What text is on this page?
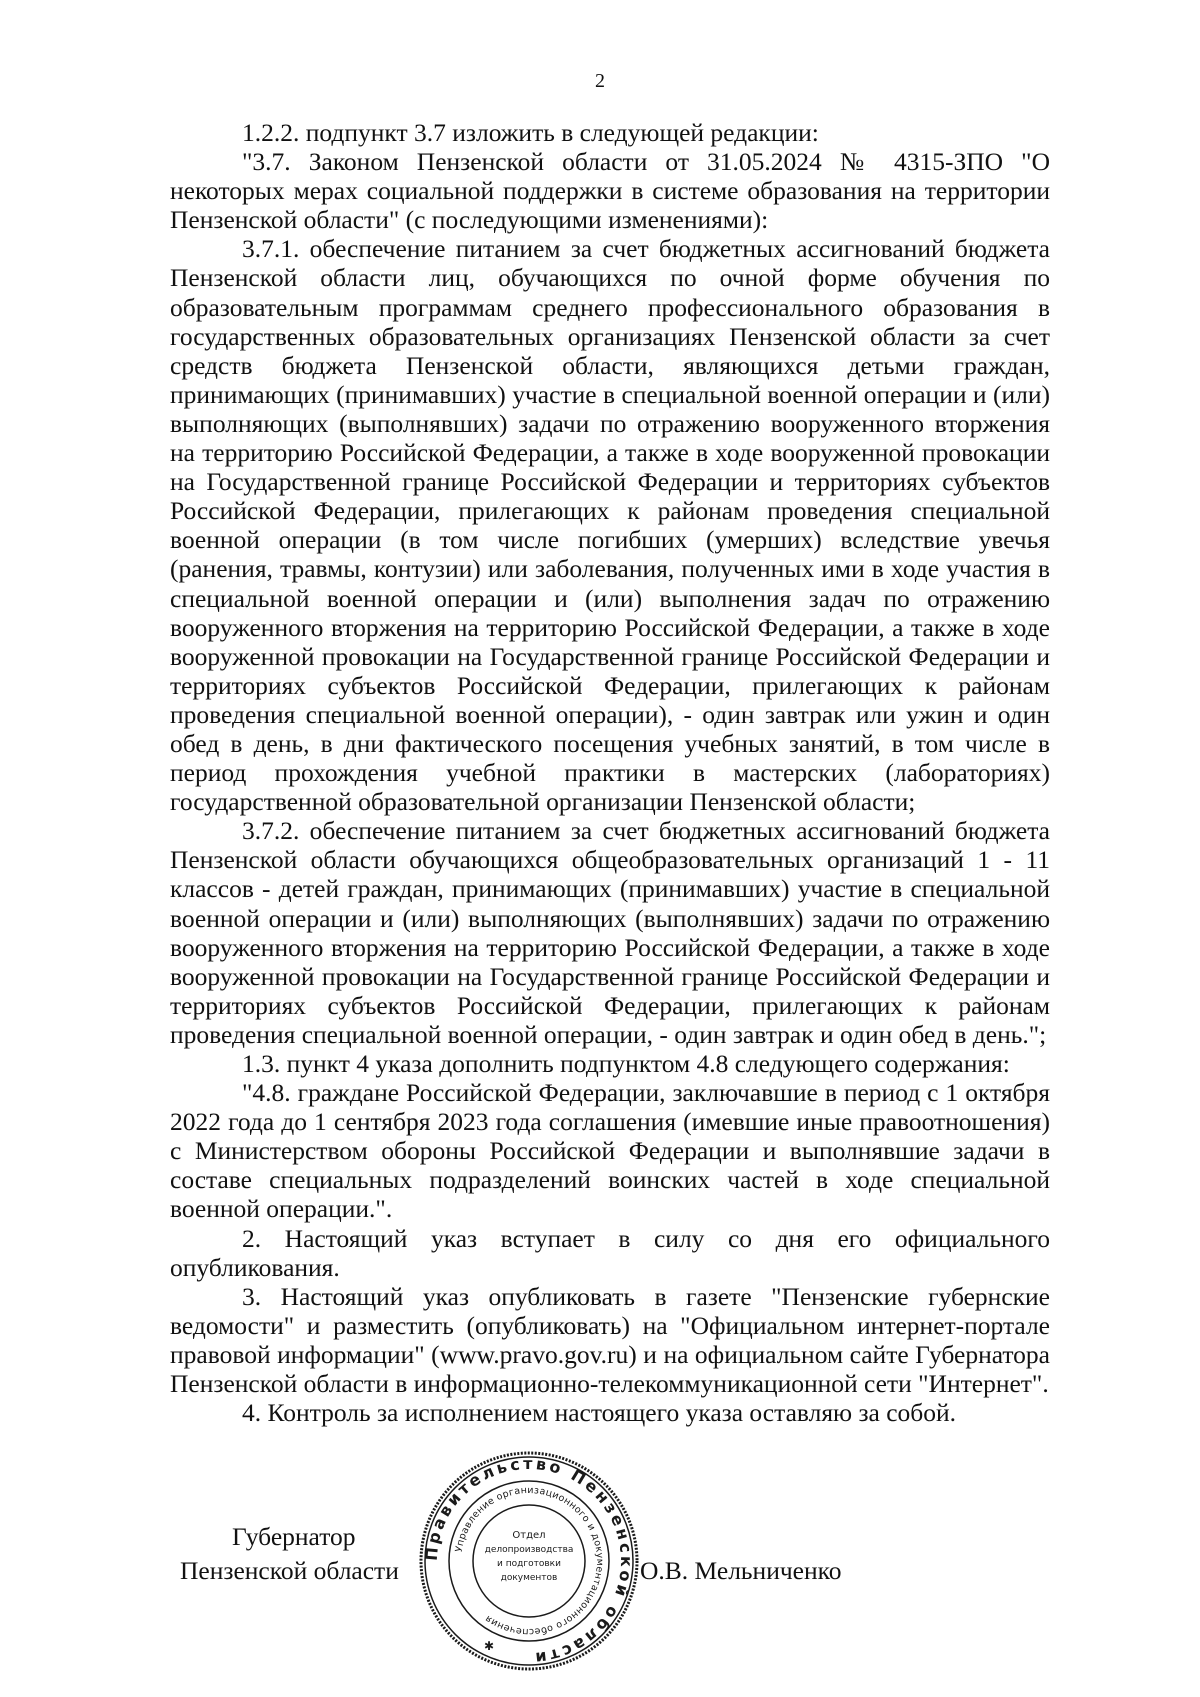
2

1.2.2. подпункт 3.7 изложить в следующей редакции:

"3.7. Законом Пензенской области от 31.05.2024 № 4315-ЗПО "О некоторых мерах социальной поддержки в системе образования на территории Пензенской области" (с последующими изменениями):

3.7.1. обеспечение питанием за счет бюджетных ассигнований бюджета Пензенской области лиц, обучающихся по очной форме обучения по образовательным программам среднего профессионального образования в государственных образовательных организациях Пензенской области за счет средств бюджета Пензенской области, являющихся детьми граждан, принимающих (принимавших) участие в специальной военной операции и (или) выполняющих (выполнявших) задачи по отражению вооруженного вторжения на территорию Российской Федерации, а также в ходе вооруженной провокации на Государственной границе Российской Федерации и территориях субъектов Российской Федерации, прилегающих к районам проведения специальной военной операции (в том числе погибших (умерших) вследствие увечья (ранения, травмы, контузии) или заболевания, полученных ими в ходе участия в специальной военной операции и (или) выполнения задач по отражению вооруженного вторжения на территорию Российской Федерации, а также в ходе вооруженной провокации на Государственной границе Российской Федерации и территориях субъектов Российской Федерации, прилегающих к районам проведения специальной военной операции), - один завтрак или ужин и один обед в день, в дни фактического посещения учебных занятий, в том числе в период прохождения учебной практики в мастерских (лабораториях) государственной образовательной организации Пензенской области;

3.7.2. обеспечение питанием за счет бюджетных ассигнований бюджета Пензенской области обучающихся общеобразовательных организаций 1 - 11 классов - детей граждан, принимающих (принимавших) участие в специальной военной операции и (или) выполняющих (выполнявших) задачи по отражению вооруженного вторжения на территорию Российской Федерации, а также в ходе вооруженной провокации на Государственной границе Российской Федерации и территориях субъектов Российской Федерации, прилегающих к районам проведения специальной военной операции, - один завтрак и один обед в день.";

1.3. пункт 4 указа дополнить подпунктом 4.8 следующего содержания:

"4.8. граждане Российской Федерации, заключавшие в период с 1 октября 2022 года до 1 сентября 2023 года соглашения (имевшие иные правоотношения) с Министерством обороны Российской Федерации и выполнявшие задачи в составе специальных подразделений воинских частей в ходе специальной военной операции.".

2. Настоящий указ вступает в силу со дня его официального опубликования.

3. Настоящий указ опубликовать в газете "Пензенские губернские ведомости" и разместить (опубликовать) на "Официальном интернет-портале правовой информации" (www.pravo.gov.ru) и на официальном сайте Губернатора Пензенской области в информационно-телекоммуникационной сети "Интернет".

4. Контроль за исполнением настоящего указа оставляю за собой.

Губернатор
Пензенской области	О.В. Мельниченко
Правительство Пензенской области
Управление организационного и документационного обеспечения
Отдел
делопроизводства
и подготовки
документов
✱
